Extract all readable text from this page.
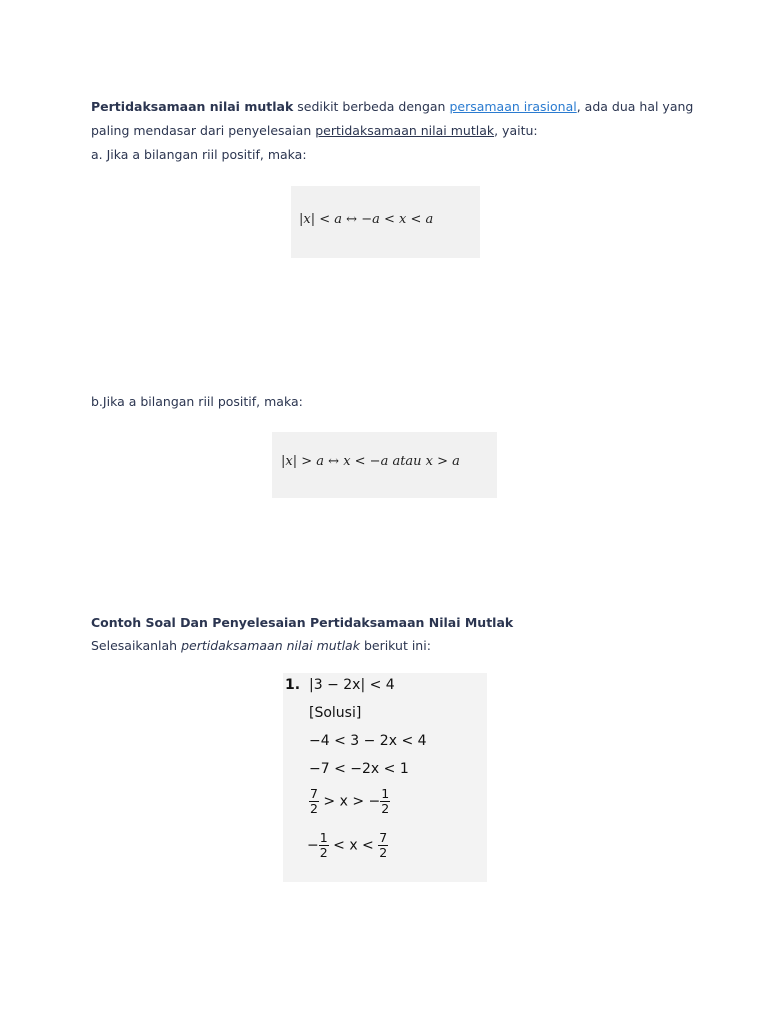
Pertidaksamaan nilai mutlak sedikit berbeda dengan persamaan irasional, ada dua hal yang
paling mendasar dari penyelesaian pertidaksamaan nilai mutlak, yaitu:
a. Jika a bilangan riil positif, maka:
|x| < a ↔ −a < x < a
b.Jika a bilangan riil positif, maka:
|x| > a ↔ x < −a atau x > a
Contoh Soal Dan Penyelesaian Pertidaksamaan Nilai Mutlak
Selesaikanlah pertidaksamaan nilai mutlak berikut ini:
1. |3 − 2x| < 4
[Solusi]
−4 < 3 − 2x < 4
−7 < −2x < 1
$\frac{7}{2} > x$ > − $\frac{1}{2}$
− $\frac{1}{2} < x < \frac{7}{2}$
